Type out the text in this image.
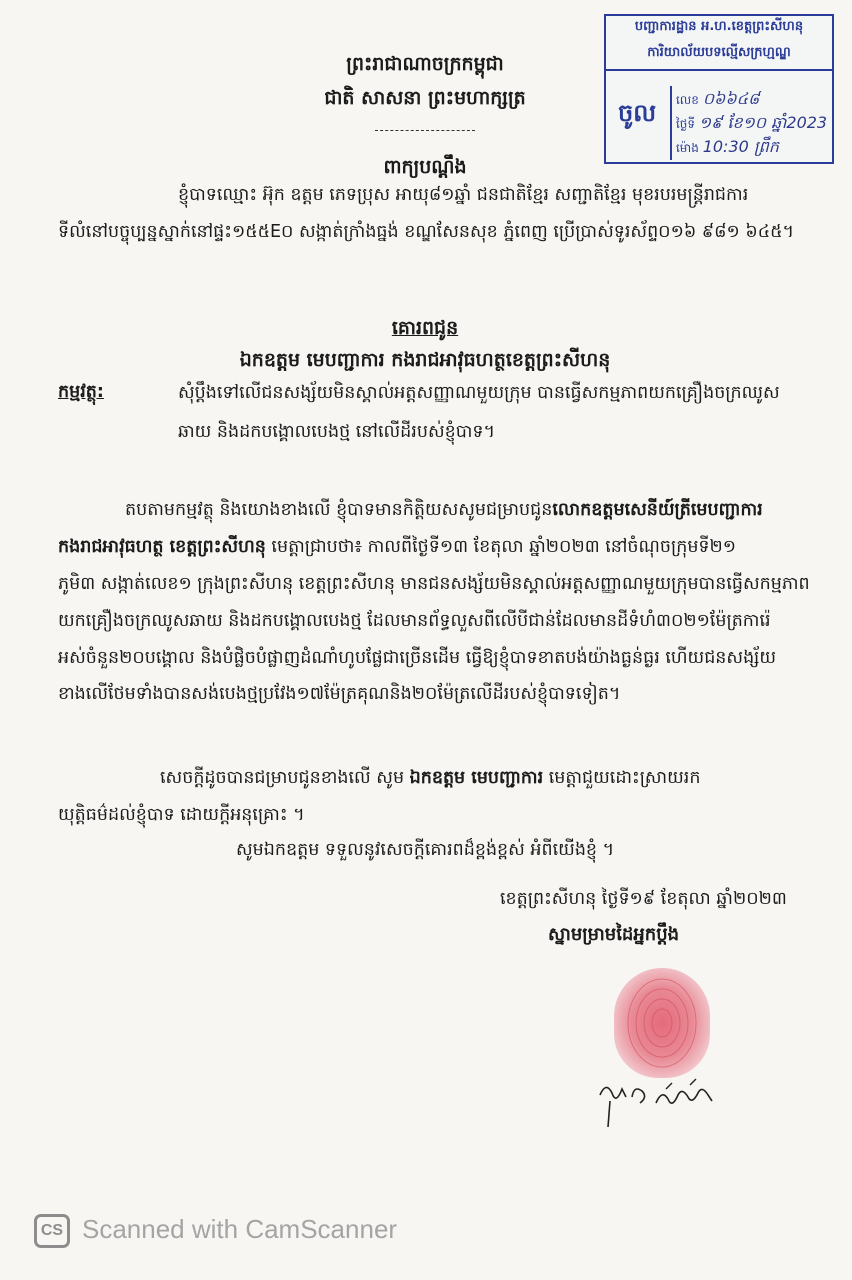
ព្រះរាជាណាចក្រកម្ពុជា
ជាតិ សាសនា ព្រះមហាក្សត្រ
បញ្ជាការដ្ឋាន អ.ហ.ខេត្តព្រះសីហនុ
ការិយាល័យបទល្មើសក្រហ្មណ្ឌ
ចូល	លេខ ០៦៦៤៨
ថ្ងៃទី ១៩ ខែ១០ ឆ្នាំ2023
ម៉ោង 10:30 ព្រឹក
ពាក្យបណ្តឹង
ខ្ញុំបាទឈ្មោះ អ៊ុក ឧត្តម ភេទប្រុស អាយុ៨១ឆ្នាំ ជនជាតិខ្មែរ សញ្ជាតិខ្មែរ មុខរបរមន្ត្រីរាជការ
ទីលំនៅបច្ចុប្បន្នស្នាក់នៅផ្ទះ១៥៥E០ សង្កាត់ក្រាំងធ្នង់ ខណ្ឌសែនសុខ ភ្នំពេញ ប្រើប្រាស់ទូរស័ព្ទ០១៦ ៩៨១ ៦៤៥។
គោរពជូន
ឯកឧត្តម មេបញ្ជាការ កងរាជអាវុធហត្ថខេត្តព្រះសីហនុ
កម្មវត្ថុ:	សុំប្តឹងទៅលើជនសង្ស័យមិនស្គាល់អត្តសញ្ញាណមួយក្រុម បានធ្វើសកម្មភាពយកគ្រឿងចក្រឈូស
ឆាយ និងដកបង្គោលបេងថ្ម នៅលើដីរបស់ខ្ញុំបាទ។
តបតាមកម្មវត្ថុ និងយោងខាងលើ ខ្ញុំបាទមានកិត្តិយសសូមជម្រាបជូនលោកឧត្តមសេនីយ៍ត្រីមេបញ្ជាការ
កងរាជអាវុធហត្ថ ខេត្តព្រះសីហនុ មេត្តាជ្រាបថា៖ កាលពីថ្ងៃទី១៣ ខែតុលា ឆ្នាំ២០២៣ នៅចំណុចក្រុមទី២១
ភូមិ៣ សង្កាត់លេខ១ ក្រុងព្រះសីហនុ ខេត្តព្រះសីហនុ មានជនសង្ស័យមិនស្គាល់អត្តសញ្ញាណមួយក្រុមបានធ្វើសកម្មភាព
យកគ្រឿងចក្រឈូសឆាយ និងដកបង្គោលបេងថ្ម ដែលមានព័ទ្ធលួសពីលើបីជាន់ដែលមានដីទំហំ៣០២១ម៉ែត្រការ៉េ
អស់ចំនួន២០បង្គោល និងបំផ្លិចបំផ្លាញដំណាំហូបផ្លែជាច្រើនដើម ធ្វើឱ្យខ្ញុំបាទខាតបង់យ៉ាងធ្ងន់ធ្ងរ ហើយជនសង្ស័យ
ខាងលើថែមទាំងបានសង់បេងថ្មប្រវែង១៧ម៉ែត្រគុណនិង២០ម៉ែត្រលើដីរបស់ខ្ញុំបាទទៀត។
សេចក្តីដូចបានជម្រាបជូនខាងលើ សូម ឯកឧត្តម មេបញ្ជាការ មេត្តាជួយដោះស្រាយរក
យុត្តិធម៌ដល់ខ្ញុំបាទ ដោយក្តីអនុគ្រោះ ។
សូមឯកឧត្តម ទទួលនូវសេចក្តីគោរពដ៏ខ្ពង់ខ្ពស់ អំពីយើងខ្ញុំ ។
ខេត្តព្រះសីហនុ ថ្ងៃទី១៩ ខែតុលា ឆ្នាំ២០២៣
ស្នាមម្រាមដៃអ្នកប្តឹង
CS Scanned with CamScanner
